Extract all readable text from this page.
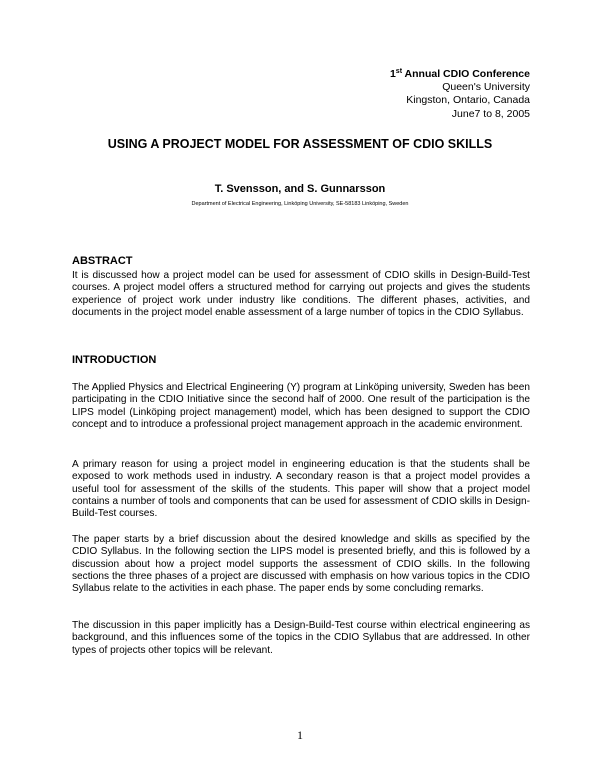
1st Annual CDIO Conference
Queen's University
Kingston, Ontario, Canada
June7 to 8, 2005
USING A PROJECT MODEL FOR ASSESSMENT OF CDIO SKILLS
T. Svensson, and S. Gunnarsson
Department of Electrical Engineering, Linköping University, SE-58183 Linköping, Sweden
ABSTRACT
It is discussed how a project model can be used for assessment of CDIO skills in Design-Build-Test courses. A project model offers a structured method for carrying out projects and gives the students experience of project work under industry like conditions. The different phases, activities, and documents in the project model enable assessment of a large number of topics in the CDIO Syllabus.
INTRODUCTION
The Applied Physics and Electrical Engineering (Y) program at Linköping university, Sweden has been participating in the CDIO Initiative since the second half of 2000. One result of the participation is the LIPS model (Linköping project management) model, which has been designed to support the CDIO concept and to introduce a professional project management approach in the academic environment.
A primary reason for using a project model in engineering education is that the students shall be exposed to work methods used in industry. A secondary reason is that a project model provides a useful tool for assessment of the skills of the students. This paper will show that a project model contains a number of tools and components that can be used for assessment of CDIO skills in Design-Build-Test courses.
The paper starts by a brief discussion about the desired knowledge and skills as specified by the CDIO Syllabus. In the following section the LIPS model is presented briefly, and this is followed by a discussion about how a project model supports the assessment of CDIO skills. In the following sections the three phases of a project are discussed with emphasis on how various topics in the CDIO Syllabus relate to the activities in each phase. The paper ends by some concluding remarks.
The discussion in this paper implicitly has a Design-Build-Test course within electrical engineering as background, and this influences some of the topics in the CDIO Syllabus that are addressed. In other types of projects other topics will be relevant.
1
